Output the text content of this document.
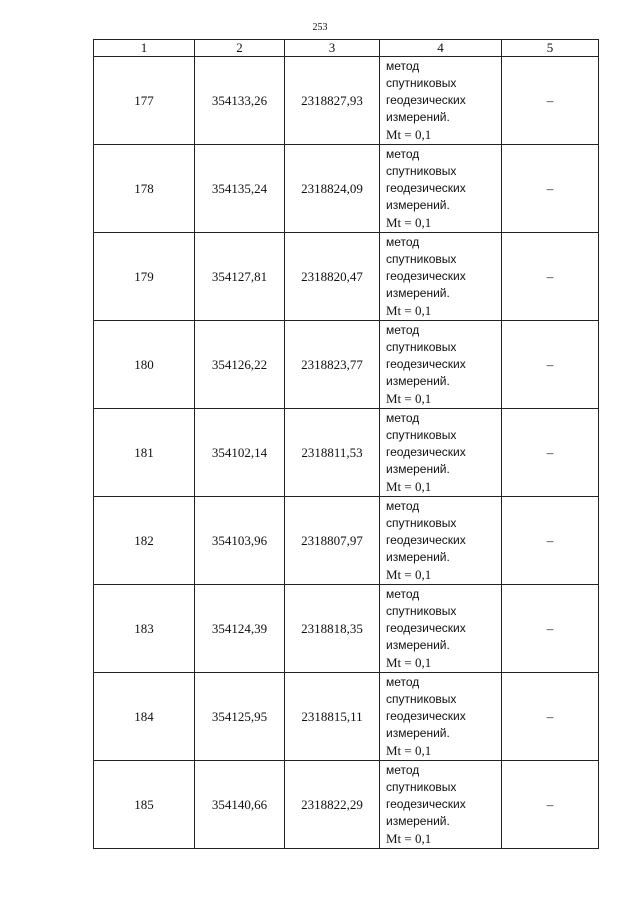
253
1	2	3	4	5
177	354133,26	2318827,93	метод
спутниковых
геодезических
измерений.
Mt = 0,1	–
178	354135,24	2318824,09	метод
спутниковых
геодезических
измерений.
Mt = 0,1	–
179	354127,81	2318820,47	метод
спутниковых
геодезических
измерений.
Mt = 0,1	–
180	354126,22	2318823,77	метод
спутниковых
геодезических
измерений.
Mt = 0,1	–
181	354102,14	2318811,53	метод
спутниковых
геодезических
измерений.
Mt = 0,1	–
182	354103,96	2318807,97	метод
спутниковых
геодезических
измерений.
Mt = 0,1	–
183	354124,39	2318818,35	метод
спутниковых
геодезических
измерений.
Mt = 0,1	–
184	354125,95	2318815,11	метод
спутниковых
геодезических
измерений.
Mt = 0,1	–
185	354140,66	2318822,29	метод
спутниковых
геодезических
измерений.
Mt = 0,1	–
